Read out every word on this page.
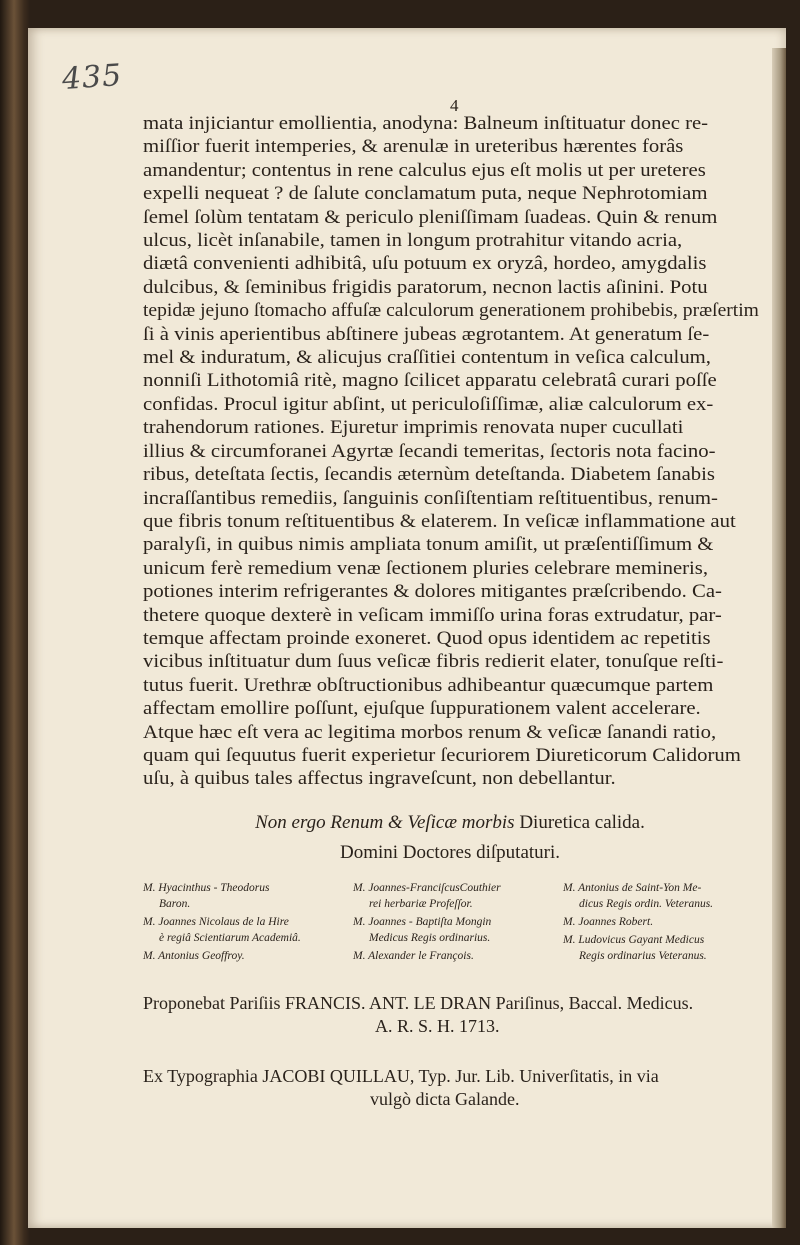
435
4
mata injiciantur emollientia, anodyna: Balneum inſtituatur donec re-
miſſior fuerit intemperies, & arenulæ in ureteribus hærentes forâs
amandentur; contentus in rene calculus ejus eſt molis ut per ureteres
expelli nequeat ? de ſalute conclamatum puta, neque Nephrotomiam
ſemel ſolùm tentatam & periculo pleniſſimam ſuadeas. Quin & renum
ulcus, licèt inſanabile, tamen in longum protrahitur vitando acria,
diætâ convenienti adhibitâ, uſu potuum ex oryzâ, hordeo, amygdalis
dulcibus, & ſeminibus frigidis paratorum, necnon lactis aſinini. Potu
tepidæ jejuno ſtomacho affuſæ calculorum generationem prohibebis, præſertim
ſi à vinis aperientibus abſtinere jubeas ægrotantem. At generatum ſe-
mel & induratum, & alicujus craſſitiei contentum in veſica calculum,
nonniſi Lithotomiâ ritè, magno ſcilicet apparatu celebratâ curari poſſe
confidas. Procul igitur abſint, ut periculoſiſſimæ, aliæ calculorum ex-
trahendorum rationes. Ejuretur imprimis renovata nuper cucullati
illius & circumforanei Agyrtæ ſecandi temeritas, ſectoris nota facino-
ribus, deteſtata ſectis, ſecandis æternùm deteſtanda. Diabetem ſanabis
incraſſantibus remediis, ſanguinis conſiſtentiam reſtituentibus, renum-
que fibris tonum reſtituentibus & elaterem. In veſicæ inflammatione aut
paralyſi, in quibus nimis ampliata tonum amiſit, ut præſentiſſimum &
unicum ferè remedium venæ ſectionem pluries celebrare memineris,
potiones interim refrigerantes & dolores mitigantes præſcribendo. Ca-
thetere quoque dexterè in veſicam immiſſo urina foras extrudatur, par-
temque affectam proinde exoneret. Quod opus identidem ac repetitis
vicibus inſtituatur dum ſuus veſicæ fibris redierit elater, tonuſque reſti-
tutus fuerit. Urethræ obſtructionibus adhibeantur quæcumque partem
affectam emollire poſſunt, ejuſque ſuppurationem valent accelerare.
Atque hæc eſt vera ac legitima morbos renum & veſicæ ſanandi ratio,
quam qui ſequutus fuerit experietur ſecuriorem Diureticorum Calidorum
uſu, à quibus tales affectus ingraveſcunt, non debellantur.
Non ergo Renum & Veſicæ morbis Diuretica calida.
Domini Doctores diſputaturi.
M. Hyacinthus - Theodorus
Baron.
M. Joannes Nicolaus de la Hire
è regiâ Scientiarum Academiâ.
M. Antonius Geoffroy.
M. Joannes-FranciſcusCouthier
rei herbariæ Profeſſor.
M. Joannes - Baptiſta Mongin
Medicus Regis ordinarius.
M. Alexander le François.
M. Antonius de Saint-Yon Me-
dicus Regis ordin. Veteranus.
M. Joannes Robert.
M. Ludovicus Gayant Medicus
Regis ordinarius Veteranus.
Proponebat Pariſiis FRANCIS. ANT. LE DRAN Pariſinus, Baccal. Medicus.
A. R. S. H. 1713.
Ex Typographia JACOBI QUILLAU, Typ. Jur. Lib. Univerſitatis, in via
vulgò dicta Galande.
